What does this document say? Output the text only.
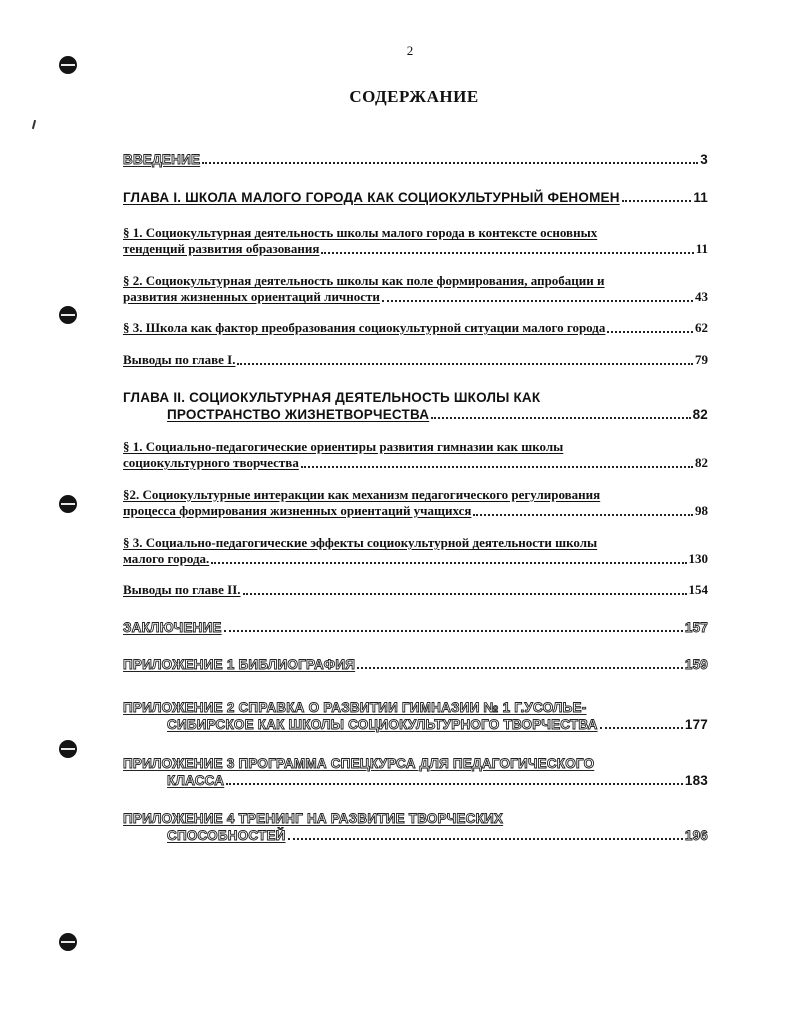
2
СОДЕРЖАНИЕ
ВВЕДЕНИЕ	3
ГЛАВА I. ШКОЛА МАЛОГО ГОРОДА КАК СОЦИОКУЛЬТУРНЫЙ ФЕНОМЕН	11
§ 1. Социокультурная деятельность школы малого города в контексте основных
тенденций развития образования	11
§ 2. Социокультурная деятельность школы как поле формирования, апробации и
развития жизненных ориентаций личности	43
§ 3. Школа как фактор преобразования социокультурной ситуации малого города	62
Выводы по главе I.	79
ГЛАВА II. СОЦИОКУЛЬТУРНАЯ ДЕЯТЕЛЬНОСТЬ ШКОЛЫ КАК
ПРОСТРАНСТВО ЖИЗНЕТВОРЧЕСТВА	82
§ 1. Социально-педагогические ориентиры развития гимназии как школы
социокультурного творчества	82
§2. Социокультурные интеракции как механизм педагогического регулирования
процесса формирования жизненных ориентаций учащихся	98
§ 3. Социально-педагогические эффекты социокультурной деятельности школы
малого города.	130
Выводы по главе II.	154
ЗАКЛЮЧЕНИЕ	157
ПРИЛОЖЕНИЕ 1 БИБЛИОГРАФИЯ	159
ПРИЛОЖЕНИЕ 2 СПРАВКА О РАЗВИТИИ ГИМНАЗИИ № 1 Г.УСОЛЬЕ-
СИБИРСКОЕ КАК ШКОЛЫ СОЦИОКУЛЬТУРНОГО ТВОРЧЕСТВА	177
ПРИЛОЖЕНИЕ 3 ПРОГРАММА СПЕЦКУРСА ДЛЯ ПЕДАГОГИЧЕСКОГО
КЛАССА	183
ПРИЛОЖЕНИЕ 4 ТРЕНИНГ НА РАЗВИТИЕ ТВОРЧЕСКИХ
СПОСОБНОСТЕЙ	196
